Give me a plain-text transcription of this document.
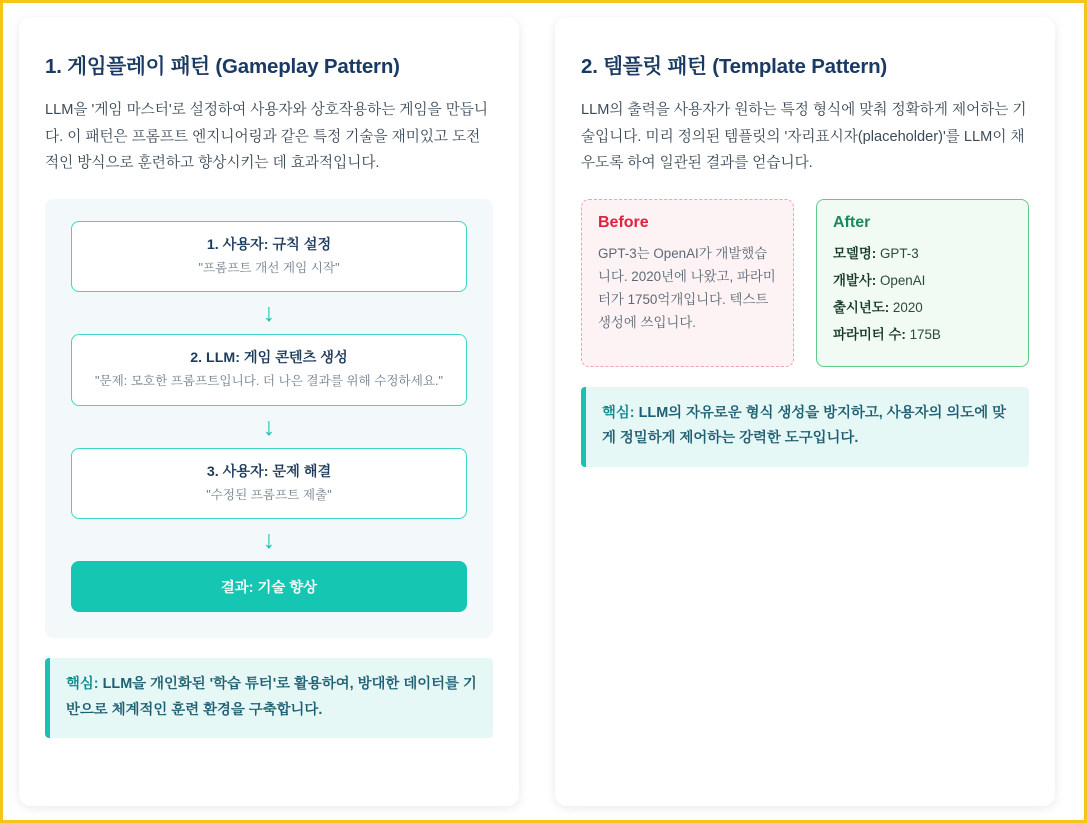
1. 게임플레이 패턴 (Gameplay Pattern)

LLM을 '게임 마스터'로 설정하여 사용자와 상호작용하는 게임을 만듭니다. 이 패턴은 프롬프트 엔지니어링과 같은 특정 기술을 재미있고 도전적인 방식으로 훈련하고 향상시키는 데 효과적입니다.

1. 사용자: 규칙 설정
"프롬프트 개선 게임 시작"
↓
2. LLM: 게임 콘텐츠 생성
"문제: 모호한 프롬프트입니다. 더 나은 결과를 위해 수정하세요."
↓
3. 사용자: 문제 해결
"수정된 프롬프트 제출"
↓
결과: 기술 향상
핵심: LLM을 개인화된 '학습 튜터'로 활용하여, 방대한 데이터를 기반으로 체계적인 훈련 환경을 구축합니다.
2. 템플릿 패턴 (Template Pattern)

LLM의 출력을 사용자가 원하는 특정 형식에 맞춰 정확하게 제어하는 기술입니다. 미리 정의된 템플릿의 '자리표시자(placeholder)'를 LLM이 채우도록 하여 일관된 결과를 얻습니다.

Before
GPT-3는 OpenAI가 개발했습니다. 2020년에 나왔고, 파라미터가 1750억개입니다. 텍스트 생성에 쓰입니다.
After
모델명: GPT-3
개발사: OpenAI
출시년도: 2020
파라미터 수: 175B
핵심: LLM의 자유로운 형식 생성을 방지하고, 사용자의 의도에 맞게 정밀하게 제어하는 강력한 도구입니다.
